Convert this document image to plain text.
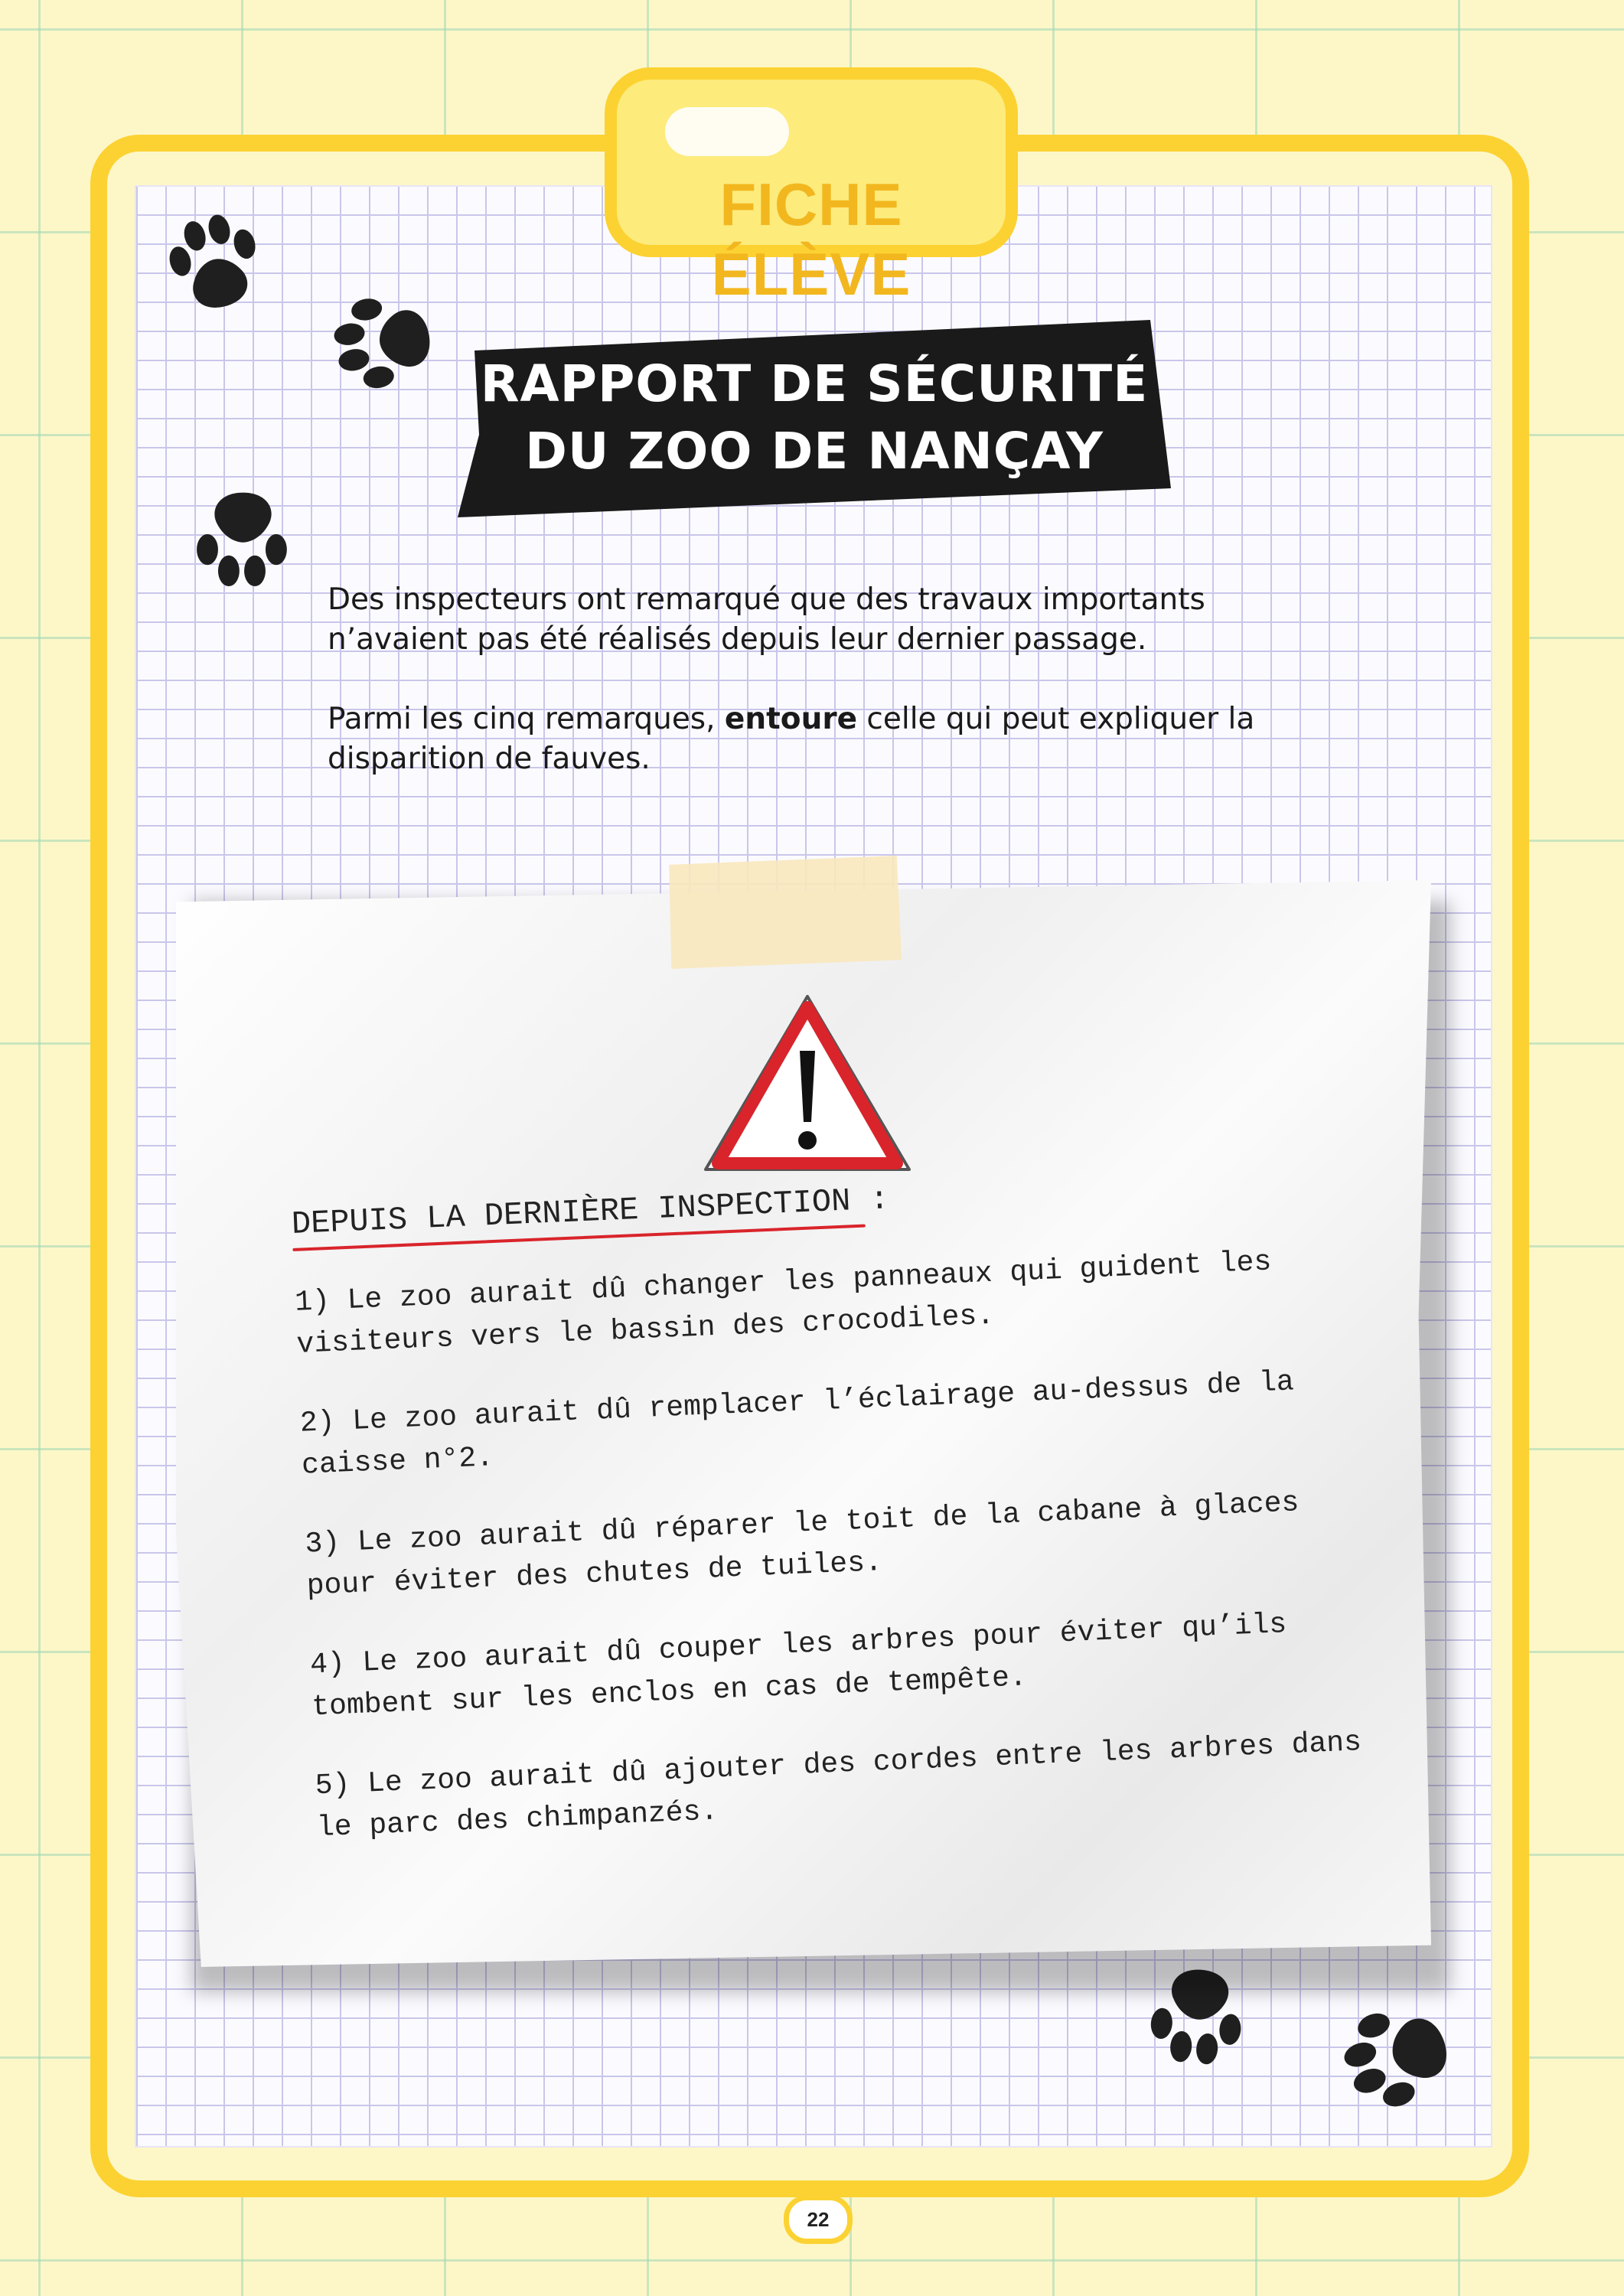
FICHE ÉLÈVE
RAPPORT DE SÉCURITÉ
DU ZOO DE NANÇAY

Des inspecteurs ont remarqué que des travaux importants n’avaient pas été réalisés depuis leur dernier passage.

Parmi les cinq remarques, entoure celle qui peut expliquer la disparition de fauves.

DEPUIS LA DERNIÈRE INSPECTION :
1) Le zoo aurait dû changer les panneaux qui guident les visiteurs vers le bassin des crocodiles.
2) Le zoo aurait dû remplacer l’éclairage au-dessus de la caisse n°2.
3) Le zoo aurait dû réparer le toit de la cabane à glaces pour éviter des chutes de tuiles.
4) Le zoo aurait dû couper les arbres pour éviter qu’ils tombent sur les enclos en cas de tempête.
5) Le zoo aurait dû ajouter des cordes entre les arbres dans le parc des chimpanzés.
22
